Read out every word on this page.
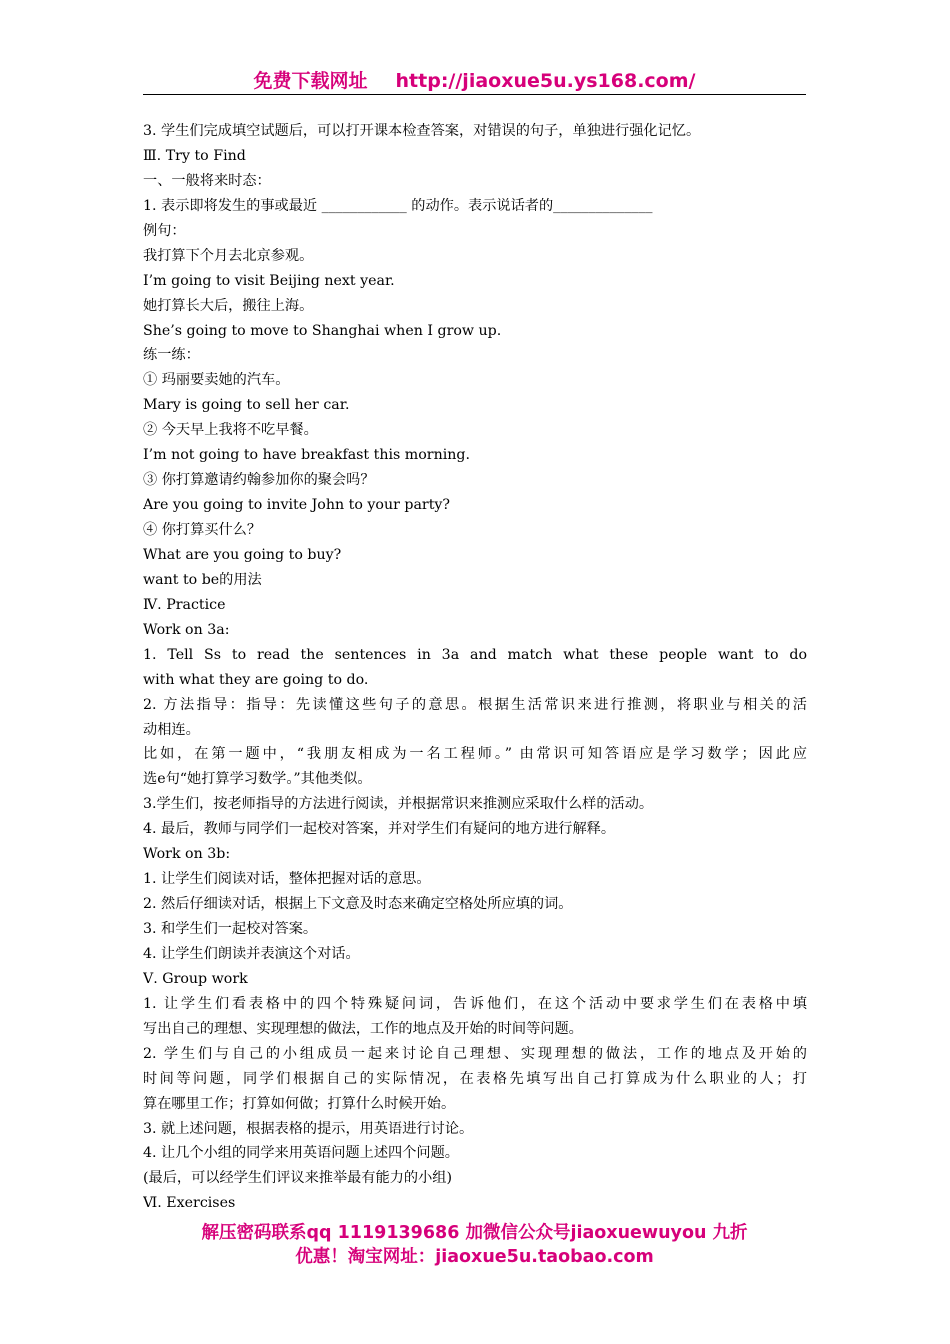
免费下载网址 http://jiaoxue5u.ys168.com/
3. 学生们完成填空试题后，可以打开课本检查答案，对错误的句子，单独进行强化记忆。
Ⅲ. Try to Find
一、一般将来时态：
1. 表示即将发生的事或最近 ____________ 的动作。表示说话者的______________
例句：
我打算下个月去北京参观。
I’m going to visit Beijing next year.
她打算长大后，搬往上海。
She’s going to move to Shanghai when I grow up.
练一练：
① 玛丽要卖她的汽车。
Mary is going to sell her car.
② 今天早上我将不吃早餐。
I’m not going to have breakfast this morning.
③ 你打算邀请约翰参加你的聚会吗？
Are you going to invite John to your party?
④ 你打算买什么？
What are you going to buy?
want to be的用法
Ⅳ. Practice
Work on 3a:
1. Tell Ss to read the sentences in 3a and match what these people want to do
with what they are going to do.
2. 方法指导：指导：先读懂这些句子的意思。根据生活常识来进行推测，将职业与相关的活
动相连。
比如，在第一题中，“我朋友相成为一名工程师。” 由常识可知答语应是学习数学；因此应
选e句“她打算学习数学。”其他类似。
3.学生们，按老师指导的方法进行阅读，并根据常识来推测应采取什么样的活动。
4. 最后，教师与同学们一起校对答案，并对学生们有疑问的地方进行解释。
Work on 3b:
1. 让学生们阅读对话，整体把握对话的意思。
2. 然后仔细读对话，根据上下文意及时态来确定空格处所应填的词。
3. 和学生们一起校对答案。
4. 让学生们朗读并表演这个对话。
Ⅴ. Group work
1. 让学生们看表格中的四个特殊疑问词，告诉他们，在这个活动中要求学生们在表格中填
写出自己的理想、实现理想的做法，工作的地点及开始的时间等问题。
2. 学生们与自己的小组成员一起来讨论自己理想、实现理想的做法，工作的地点及开始的
时间等问题，同学们根据自己的实际情况，在表格先填写出自己打算成为什么职业的人；打
算在哪里工作；打算如何做；打算什么时候开始。
3. 就上述问题，根据表格的提示，用英语进行讨论。
4. 让几个小组的同学来用英语问题上述四个问题。
(最后，可以经学生们评议来推举最有能力的小组)
Ⅵ. Exercises
解压密码联系qq 1119139686 加微信公众号jiaoxuewuyou 九折
优惠！淘宝网址：jiaoxue5u.taobao.com
